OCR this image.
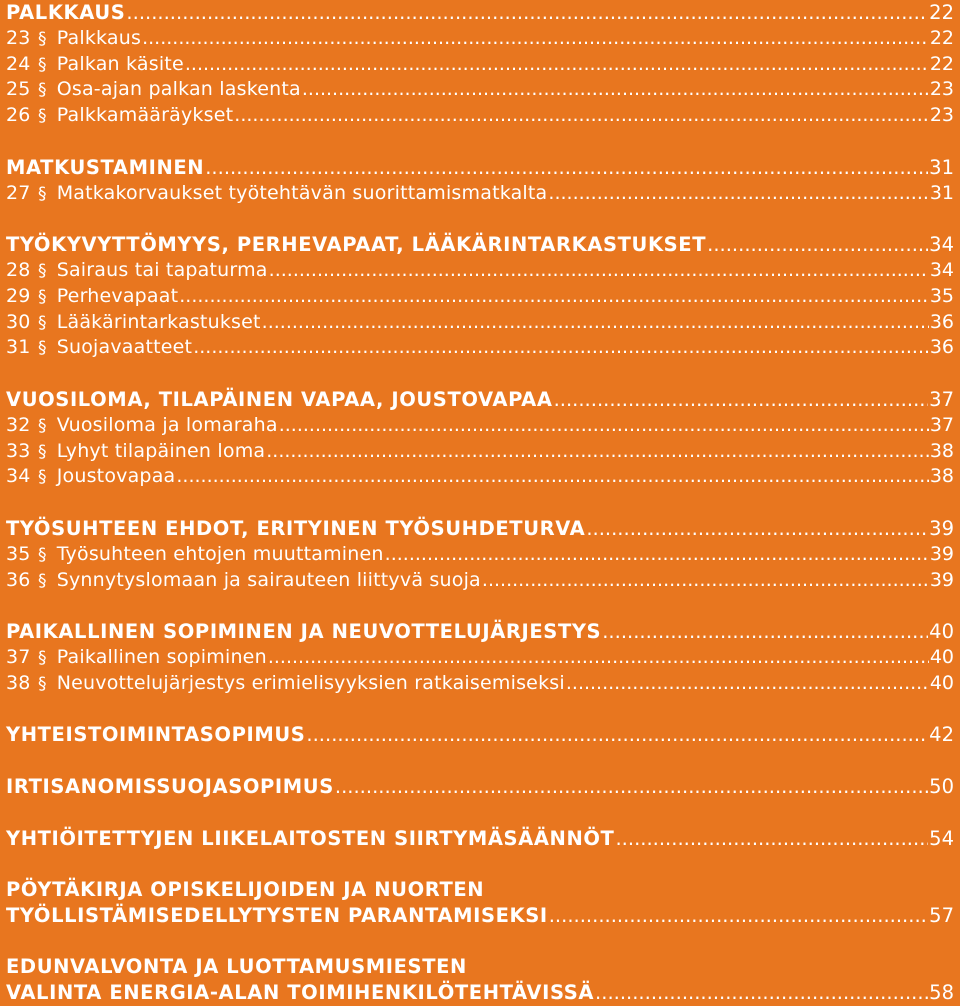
PALKKAUS .....	22
23 § Palkkaus .....	22
24 § Palkan käsite .....	22
25 § Osa-ajan palkan laskenta .....	23
26 § Palkkamääräykset .....	23
MATKUSTAMINEN .....	31
27 § Matkakorvaukset työtehtävän suorittamismatkalta .....	31
TYÖKYVYTTÖMYYS, PERHEVAPAAT, LÄÄKÄRINTARKASTUKSET .....	34
28 § Sairaus tai tapaturma .....	34
29 § Perhevapaat .....	35
30 § Lääkärintarkastukset .....	36
31 § Suojavaatteet .....	36
VUOSILOMA, TILAPÄINEN VAPAA, JOUSTOVAPAA .....	37
32 § Vuosiloma ja lomaraha .....	37
33 § Lyhyt tilapäinen loma .....	38
34 § Joustovapaa .....	38
TYÖSUHTEEN EHDOT, ERITYINEN TYÖSUHDETURVA .....	39
35 § Työsuhteen ehtojen muuttaminen .....	39
36 § Synnytyslomaan ja sairauteen liittyvä suoja .....	39
PAIKALLINEN SOPIMINEN JA NEUVOTTELUJÄRJESTYS .....	40
37 § Paikallinen sopiminen .....	40
38 § Neuvottelujärjestys erimielisyyksien ratkaisemiseksi .....	40
YHTEISTOIMINTASOPIMUS .....	42
IRTISANOMISSUOJASOPIMUS .....	50
YHTIÖITETTYJEN LIIKELAITOSTEN SIIRTYMÄSÄÄNNÖT .....	54
PÖYTÄKIRJA OPISKELIJOIDEN JA NUORTEN
TYÖLLISTÄMISEDELLYTYSTEN PARANTAMISEKSI .....	57
EDUNVALVONTA JA LUOTTAMUSMIESTEN
VALINTA ENERGIA-ALAN TOIMIHENKILÖTEHTÄVISSÄ .....	58
